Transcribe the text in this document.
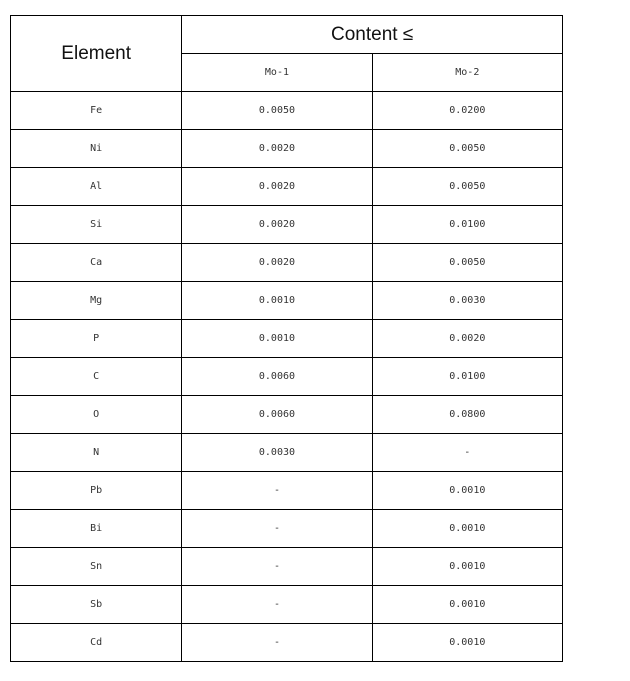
Element	Content ≤	
	Mo-1	Mo-2
Fe	0.0050	0.0200
Ni	0.0020	0.0050
Al	0.0020	0.0050
Si	0.0020	0.0100
Ca	0.0020	0.0050
Mg	0.0010	0.0030
P	0.0010	0.0020
C	0.0060	0.0100
O	0.0060	0.0800
N	0.0030	-
Pb	-	0.0010
Bi	-	0.0010
Sn	-	0.0010
Sb	-	0.0010
Cd	-	0.0010
